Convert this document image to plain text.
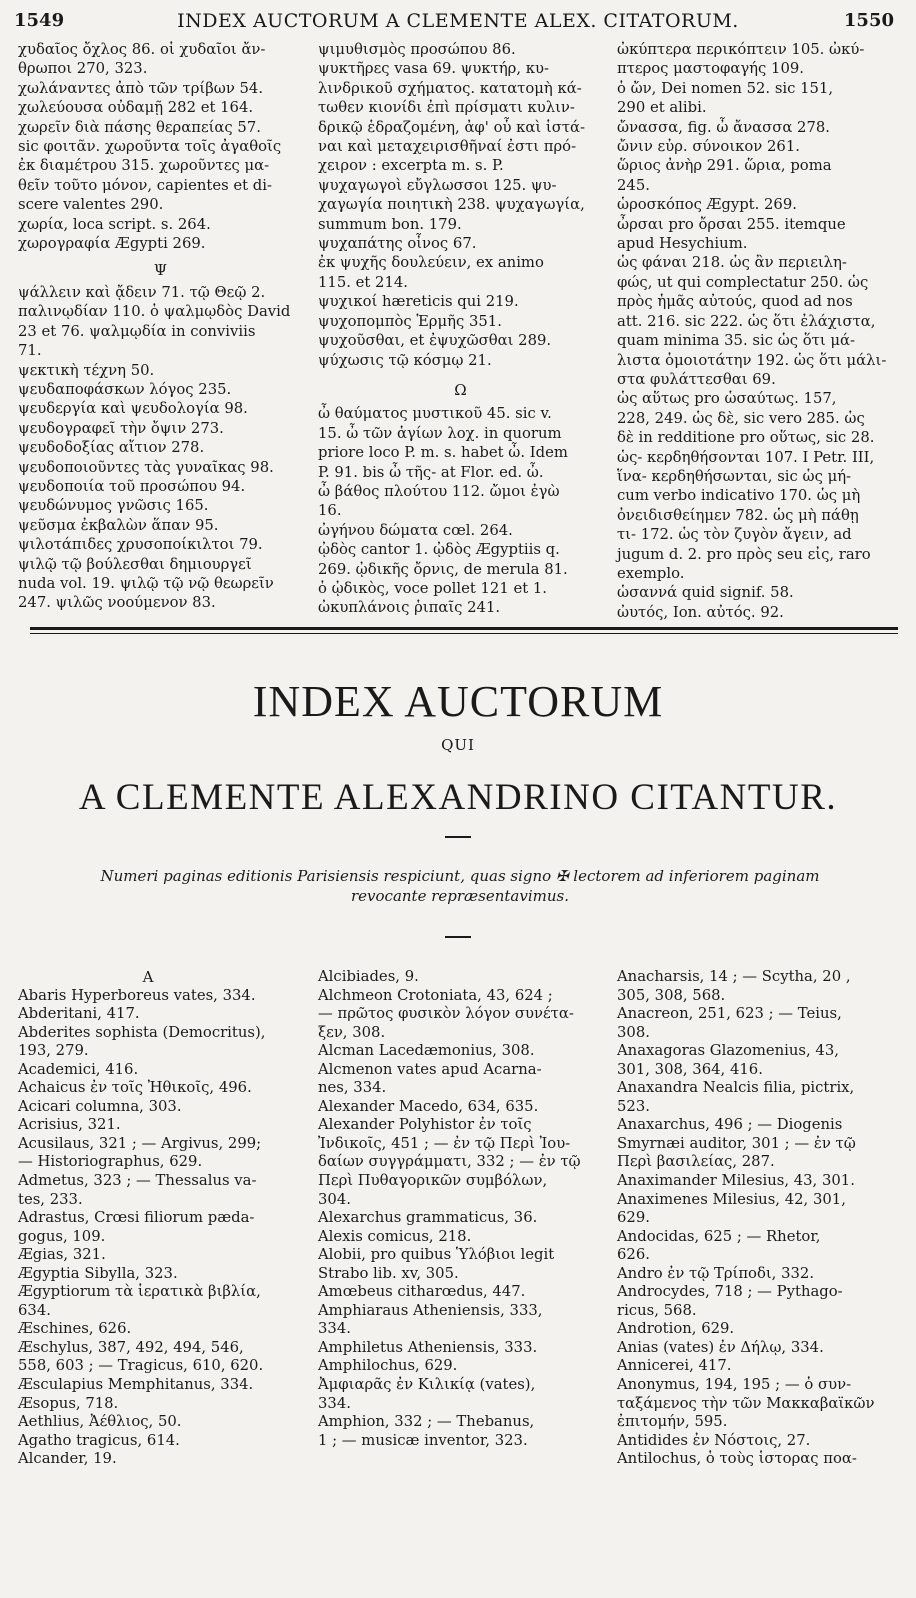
1549	INDEX AUCTORUM A CLEMENTE ALEX. CITATORUM.	1550
χυδαῖος ὄχλος 86. οἱ χυδαῖοι ἄν-
θρωποι 270, 323.
χωλάναντες ἀπὸ τῶν τρίβων 54.
χωλεύουσα οὐδαμῇ 282 et 164.
χωρεῖν διὰ πάσης θεραπείας 57.
sic φοιτᾶν. χωροῦντα τοῖς ἀγαθοῖς
ἐκ διαμέτρου 315. χωροῦντες μα-
θεῖν τοῦτο μόνον, capientes et di-
scere valentes 290.
χωρία, loca script. s. 264.
χωρογραφία Ægypti 269.
Ψ
ψάλλειν καὶ ᾄδειν 71. τῷ Θεῷ 2.
παλινῳδίαν 110. ὁ ψαλμῳδὸς David
23 et 76. ψαλμῳδία in conviviis
71.
ψεκτικὴ τέχνη 50.
ψευδαποφάσκων λόγος 235.
ψευδεργία καὶ ψευδολογία 98.
ψευδογραφεῖ τὴν ὄψιν 273.
ψευδοδοξίας αἴτιον 278.
ψευδοποιοῦντες τὰς γυναῖκας 98.
ψευδοποιία τοῦ προσώπου 94.
ψευδώνυμος γνῶσις 165.
ψεῦσμα ἐκβαλὼν ἅπαν 95.
ψιλοτάπιδες χρυσοποίκιλτοι 79.
ψιλῷ τῷ βούλεσθαι δημιουργεῖ
nuda vol. 19. ψιλῷ τῷ νῷ θεωρεῖν
247. ψιλῶς νοούμενον 83.
ψιμυθισμὸς προσώπου 86.
ψυκτῆρες vasa 69. ψυκτήρ, κυ-
λινδρικοῦ σχήματος. κατατομὴ κά-
τωθεν κιονίδι ἐπὶ πρίσματι κυλιν-
δρικῷ ἑδραζομένη, ἀφ' οὗ καὶ ἱστά-
ναι καὶ μεταχειρισθῆναί ἐστι πρό-
χειρον : excerpta m. s. P.
ψυχαγωγοὶ εὔγλωσσοι 125. ψυ-
χαγωγία ποιητικὴ 238. ψυχαγωγία,
summum bon. 179.
ψυχαπάτης οἶνος 67.
ἐκ ψυχῆς δουλεύειν, ex animo
115. et 214.
ψυχικοί hæreticis qui 219.
ψυχοπομπὸς Ἑρμῆς 351.
ψυχοῦσθαι, et ἐψυχῶσθαι 289.
ψύχωσις τῷ κόσμῳ 21.
Ω
ὦ θαύματος μυστικοῦ 45. sic v.
15. ὦ τῶν ἁγίων λοχ. in quorum
priore loco P. m. s. habet ὦ. Idem
P. 91. bis ὦ τῆς- at Flor. ed. ὦ.
ὦ βάθος πλούτου 112. ὤμοι ἐγὼ
16.
ὠγήνου δώματα cœl. 264.
ᾠδὸς cantor 1. ᾠδὸς Ægyptiis q.
269. ᾠδικῆς ὄρνις, de merula 81.
ὁ ᾠδικὸς, voce pollet 121 et 1.
ὠκυπλάνοις ῥιπαῖς 241.
ὠκύπτερα περικόπτειν 105. ὠκύ-
πτερος μαστοφαγής 109.
ὁ ὤν, Dei nomen 52. sic 151,
290 et alibi.
ὤνασσα, fig. ὦ ἄνασσα 278.
ὤνιν εὐρ. σύνοικον 261.
ὥριος ἀνὴρ 291. ὥρια, poma
245.
ὡροσκόπος Ægypt. 269.
ὦρσαι pro ὄρσαι 255. itemque
apud Hesychium.
ὡς φάναι 218. ὡς ἂν περιειλη-
φώς, ut qui complectatur 250. ὡς
πρὸς ἡμᾶς αὐτούς, quod ad nos
att. 216. sic 222. ὡς ὅτι ἐλάχιστα,
quam minima 35. sic ὡς ὅτι μά-
λιστα ὁμοιοτάτην 192. ὡς ὅτι μάλι-
στα φυλάττεσθαι 69.
ὡς αὕτως pro ὡσαύτως. 157,
228, 249. ὡς δὲ, sic vero 285. ὡς
δὲ in redditione pro οὕτως, sic 28.
ὡς- κερδηθήσονται 107. I Petr. III,
ἵνα- κερδηθήσωνται, sic ὡς μή-
cum verbo indicativo 170. ὡς μὴ
ὀνειδισθείημεν 782. ὡς μὴ πάθῃ
τι- 172. ὡς τὸν ζυγὸν ἄγειν, ad
jugum d. 2. pro πρὸς seu εἰς, raro
exemplo.
ὡσαννά quid signif. 58.
ὠυτός, Ion. αὐτός. 92.
INDEX AUCTORUM
QUI
A CLEMENTE ALEXANDRINO CITANTUR.
Numeri paginas editionis Parisiensis respiciunt, quas signo ✠ lectorem ad inferiorem paginam
revocante repræsentavimus.
A
Abaris Hyperboreus vates, 334.
Abderitani, 417.
Abderites sophista (Democritus),
193, 279.
Academici, 416.
Achaicus ἐν τοῖς Ἠθικοῖς, 496.
Acicari columna, 303.
Acrisius, 321.
Acusilaus, 321 ; — Argivus, 299;
— Historiographus, 629.
Admetus, 323 ; — Thessalus va-
tes, 233.
Adrastus, Crœsi filiorum pæda-
gogus, 109.
Ægias, 321.
Ægyptia Sibylla, 323.
Ægyptiorum τὰ ἱερατικὰ βιβλία,
634.
Æschines, 626.
Æschylus, 387, 492, 494, 546,
558, 603 ; — Tragicus, 610, 620.
Æsculapius Memphitanus, 334.
Æsopus, 718.
Aethlius, Ἀέθλιος, 50.
Agatho tragicus, 614.
Alcander, 19.
Alcibiades, 9.
Alchmeon Crotoniata, 43, 624 ;
— πρῶτος φυσικὸν λόγον συνέτα-
ξεν, 308.
Alcman Lacedæmonius, 308.
Alcmenon vates apud Acarna-
nes, 334.
Alexander Macedo, 634, 635.
Alexander Polyhistor ἐν τοῖς
Ἰνδικοῖς, 451 ; — ἐν τῷ Περὶ Ἰου-
δαίων συγγράμματι, 332 ; — ἐν τῷ
Περὶ Πυθαγορικῶν συμβόλων,
304.
Alexarchus grammaticus, 36.
Alexis comicus, 218.
Alobii, pro quibus Ὑλόβιοι legit
Strabo lib. xv, 305.
Amœbeus citharœdus, 447.
Amphiaraus Atheniensis, 333,
334.
Amphiletus Atheniensis, 333.
Amphilochus, 629.
Ἀμφιαρᾶς ἐν Κιλικίᾳ (vates),
334.
Amphion, 332 ; — Thebanus,
1 ; — musicæ inventor, 323.
Anacharsis, 14 ; — Scytha, 20 ,
305, 308, 568.
Anacreon, 251, 623 ; — Teius,
308.
Anaxagoras Glazomenius, 43,
301, 308, 364, 416.
Anaxandra Nealcis filia, pictrix,
523.
Anaxarchus, 496 ; — Diogenis
Smyrnæi auditor, 301 ; — ἐν τῷ
Περὶ βασιλείας, 287.
Anaximander Milesius, 43, 301.
Anaximenes Milesius, 42, 301,
629.
Andocidas, 625 ; — Rhetor,
626.
Andro ἐν τῷ Τρίποδι, 332.
Androcydes, 718 ; — Pythago-
ricus, 568.
Androtion, 629.
Anias (vates) ἐν Δήλῳ, 334.
Annicerei, 417.
Anonymus, 194, 195 ; — ὁ συν-
ταξάμενος τὴν τῶν Μακκαβαϊκῶν
ἐπιτομήν, 595.
Antidides ἐν Νόστοις, 27.
Antilochus, ὁ τοὺς ἱστορας ποα-
